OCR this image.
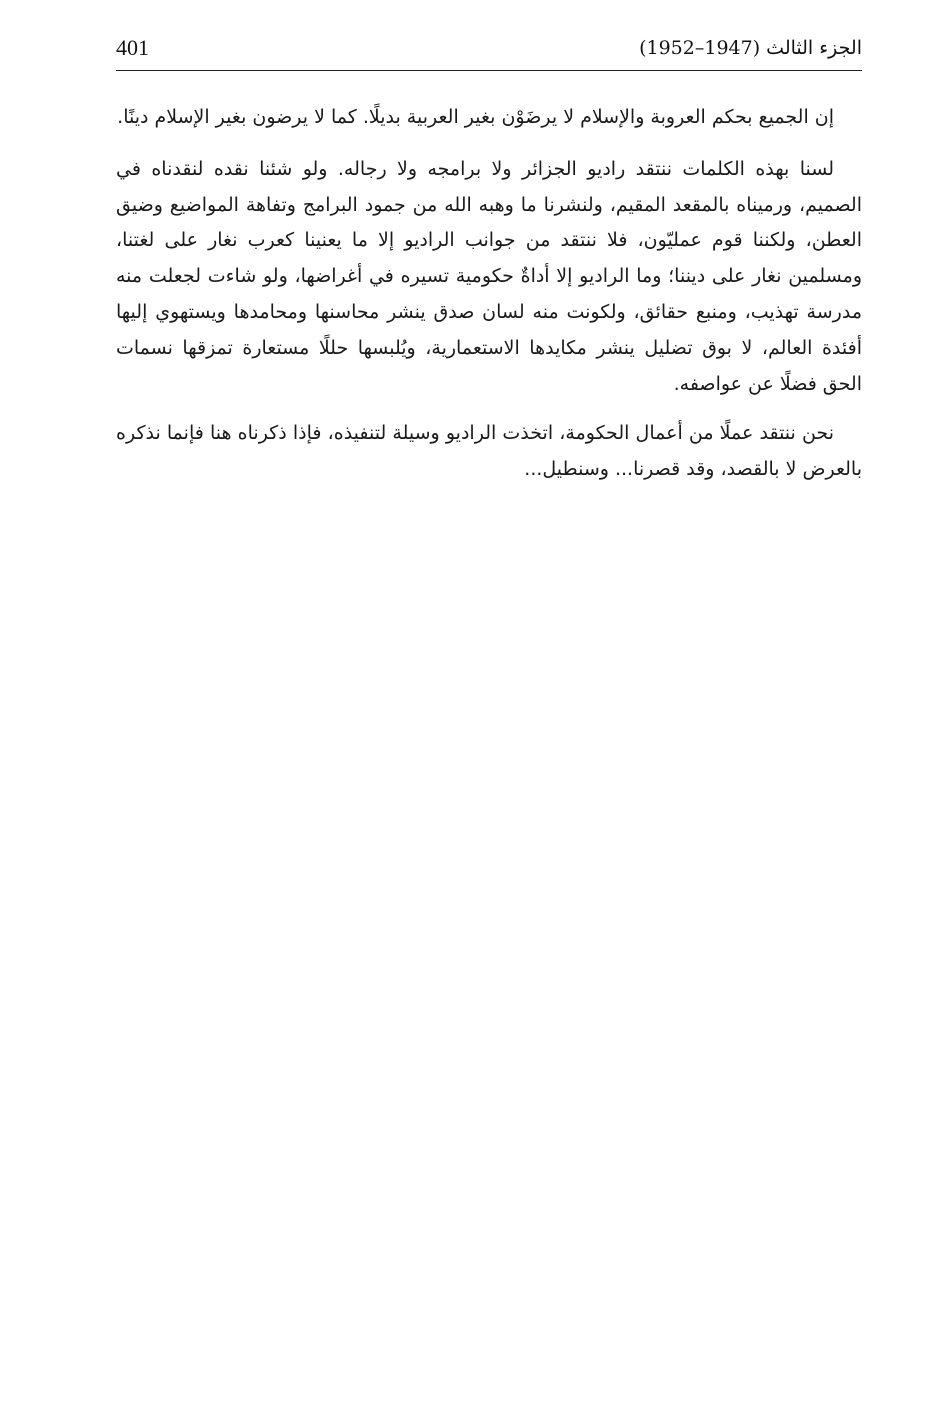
401	الجزء الثالث (1947–1952)

إن الجميع بحكم العروبة والإسلام لا يرضَوْن بغير العربية بديلًا. كما لا يرضون بغير الإسلام دينًا.

لسنا بهذه الكلمات ننتقد راديو الجزائر ولا برامجه ولا رجاله. ولو شئنا نقده لنقدناه في الصميم، ورميناه بالمقعد المقيم، ولنشرنا ما وهبه الله من جمود البرامج وتفاهة المواضيع وضيق العطن، ولكننا قوم عمليّون، فلا ننتقد من جوانب الراديو إلا ما يعنينا كعرب نغار على لغتنا، ومسلمين نغار على ديننا؛ وما الراديو إلا أداةٌ حكومية تسيره في أغراضها، ولو شاءت لجعلت منه مدرسة تهذيب، ومنبع حقائق، ولكونت منه لسان صدق ينشر محاسنها ومحامدها ويستهوي إليها أفئدة العالم، لا بوق تضليل ينشر مكايدها الاستعمارية، ويُلبسها حللًا مستعارة تمزقها نسمات الحق فضلًا عن عواصفه.

نحن ننتقد عملًا من أعمال الحكومة، اتخذت الراديو وسيلة لتنفيذه، فإذا ذكرناه هنا فإنما نذكره بالعرض لا بالقصد، وقد قصرنا... وسنطيل...
